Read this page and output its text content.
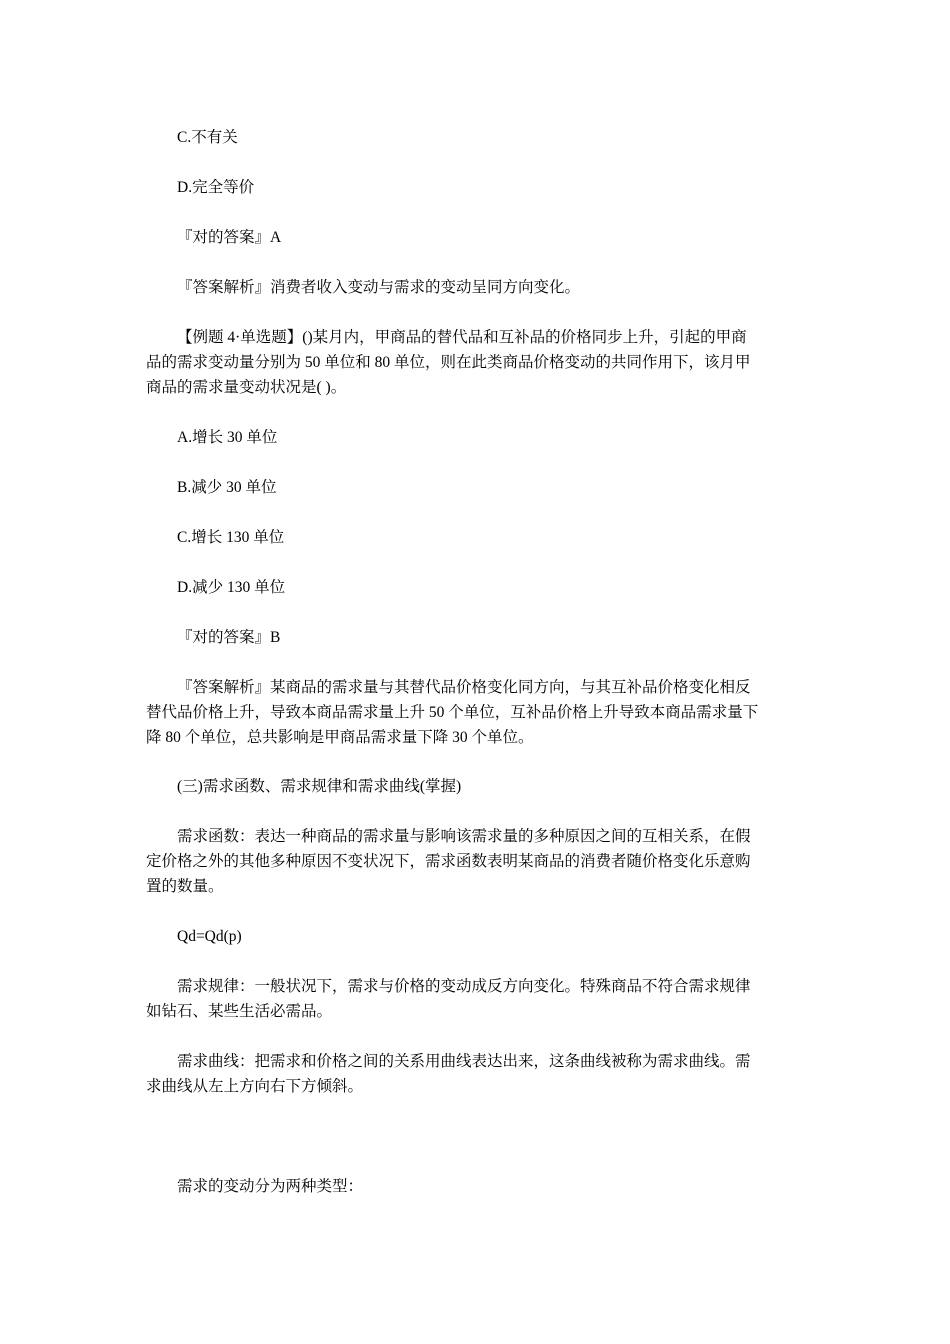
C.不有关

D.完全等价

『对的答案』A

『答案解析』消费者收入变动与需求的变动呈同方向变化。

【例题 4·单选题】()某月内，甲商品的替代品和互补品的价格同步上升，引起的甲商
品的需求变动量分别为 50 单位和 80 单位，则在此类商品价格变动的共同作用下，该月甲
商品的需求量变动状况是( )。

A.增长 30 单位

B.减少 30 单位

C.增长 130 单位

D.减少 130 单位

『对的答案』B

『答案解析』某商品的需求量与其替代品价格变化同方向，与其互补品价格变化相反
替代品价格上升，导致本商品需求量上升 50 个单位，互补品价格上升导致本商品需求量下
降 80 个单位，总共影响是甲商品需求量下降 30 个单位。

(三)需求函数、需求规律和需求曲线(掌握)

需求函数：表达一种商品的需求量与影响该需求量的多种原因之间的互相关系，在假
定价格之外的其他多种原因不变状况下，需求函数表明某商品的消费者随价格变化乐意购
置的数量。

Qd=Qd(p)

需求规律：一般状况下，需求与价格的变动成反方向变化。特殊商品不符合需求规律
如钻石、某些生活必需品。

需求曲线：把需求和价格之间的关系用曲线表达出来，这条曲线被称为需求曲线。需
求曲线从左上方向右下方倾斜。

需求的变动分为两种类型：
